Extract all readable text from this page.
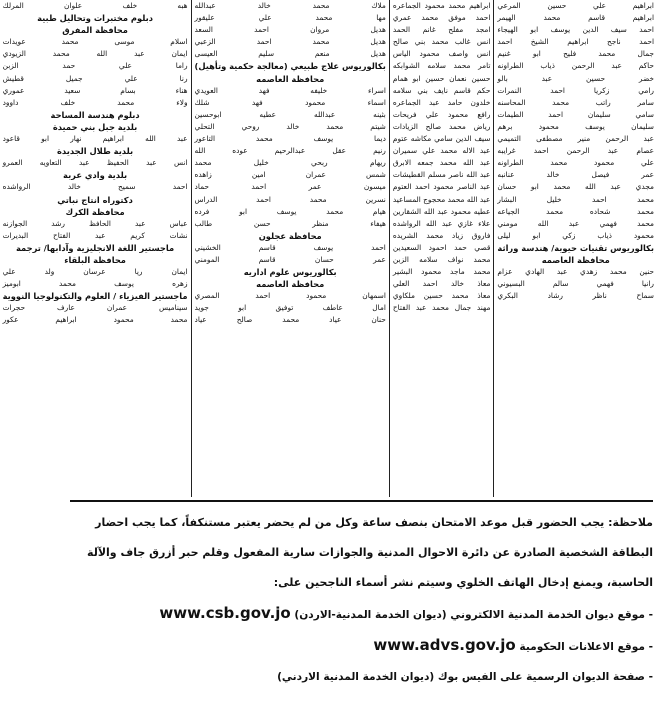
ابراهيم علي حسين المرعي
ابراهيم قاسم محمد الهيمر
احمد سيف الدين يوسف ابو الهيجاء
احمد ناجح ابراهيم الشيخ احمد
جمال محمد فليح ابو غنيم
حاكم عبد الرحمن ذياب الطراونه
خضر حسين عبد بالو
رامي زكريا احمد النمرات
سامر راتب محمد المحاسنه
سامي سليمان احمد الطيمات
سليمان يوسف محمود برهم
عبد الرحمن منير مصطفى التميمي
عصام عبد الرحمن احمد غرايبه
علي محمود محمد الطراونه
عمر فيصل خالد عنانبه
مجدي عبد الله محمد ابو حسان
محمد احمد خليل البشار
محمد شحاده محمد الجياعه
محمد فهمي عبد الله مومني
محمود ذياب زكي ابو ليلى
بكالوريوس تقنيات حيوية/ هندسة وراثة
محافظة العاصمه
حنين محمد زهدي عبد الهادي عزام
رانيا فهمي سالم البسيوني
سماح ناظر رشاد البكري
ابراهيم محمد محمود الجماعره
احمد موفق محمد عمري
امجد مفلح غانم الحمد
انس غالب محمد بني صالح
انس واصف محمود الياس
تامر محمد سلامه الشوابكه
حسين نعمان حسين ابو همام
حكم قاسم نايف بني سلامه
خلدون حامد عبد الجماعره
رافع محمود علي فريحات
رياض محمد صالح الزيادات
سيف الدين سامي مكاشه عتوم
عبد الاله محمد علي سميران
عبد الله محمد جمعه الابرق
عبد الله ناصر مسلم القطيشات
عبد الناصر محمود احمد العتوم
عبد الله محمد محجوج المساعيد
عطيه محمود عبد الله الشقارين
علاء غازي عبد الله الرواشده
فاروق زياد محمد الشريده
قصي حمد احمود السعيدين
محمد نواف سلامه الزبن
محمد ماجد محمود البشير
معاذ خالد احمد العلي
معاذ محمد حسين ملكاوي
مهند جمال محمد عبد الفتاح
ملاك محمد خالد عبدالله
مها محمد علي عليقور
هديل مروان احمد السعد
هديل محمد احمد الزعبي
هديل منعم سليم العيسى
بكالوريوس علاج طبيعي (معالجة حكمية وتأهيل)
محافظة العاصمه
اسراء خليفه فهد العويدي
اسماء محمود فهد شلك
بثينه عبدالله عطيه ابوحسين
شيتم محمد خالد روحي التحلي
ديما يوسف محمد التاعور
رنيم عقل عبدالرحيم عوده الله
ريهام ربحي خليل محمد
شمس عمران امين زاهده
ميسون عمر احمد حماد
نسرين محمد احمد الدراس
هيام محمد يوسف ابو فرده
هيفاء منظر حسن طالب
محافظة عجلون
احمد يوسف قاسم الخشيني
عمر حسان قاسم المومني
بكالوريوس علوم اداريه
محافظة العاصمه
اسمهان محمود احمد المصري
امال عاطف توفيق ابو جويد
حنان عياد محمد صالح عياد
هبه خلف علوان المرلك
دبلوم مختبرات وتحاليل طبية
محافظة المفرق
اسلام موسى محمد عويدات
ايمان عبد الله محمد الزيودي
راما علي حمد الزبن
رنا علي جميل قطيش
هناء بسام سعيد عموري
ولاء محمد خلف داوود
دبلوم هندسة المساحة
بلدية جبل بني حميدة
عبد الله ابراهيم نهار ابو قاعود
بلدية طلال الجديدة
انس عبد الحفيظ عبد التعاويه العمرو
بلدية وادي عربة
احمد سميح خالد الرواشده
دكتوراه انتاج نباتي
محافظة الكرك
عباس عبد الحافظ رشد الجوازنه
نشات كريم عبد الفتاح البديرات
ماجستير اللغة الانجليزية وآدابها/ ترجمة
محافظة البلقاء
ايمان ريا عرسان ولد علي
زهره يوسف محمد ابوميز
ماجستير الفيزياء / العلوم والتكنولوجيا النووية
سيناميس عمران عارف حجرات
محمد محمود ابراهيم عكور
ملاحظة: يجب الحضور قبل موعد الامتحان بنصف ساعة وكل من لم يحضر يعتبر مستنكفاً، كما يجب احضار
البطاقة الشخصية الصادرة عن دائرة الاحوال المدنية والجوازات سارية المفعول وقلم حبر أزرق جاف والآلة
الحاسبة، ويمنع إدخال الهاتف الخلوي وسيتم نشر أسماء الناجحين على:
- موقع ديوان الخدمة المدنية الالكتروني (ديوان الخدمة المدنية-الاردن) www.csb.gov.jo
- موقع الاعلانات الحكومية www.advs.gov.jo
- صفحة الديوان الرسمية على الفيس بوك (ديوان الخدمة المدنية الاردني)
